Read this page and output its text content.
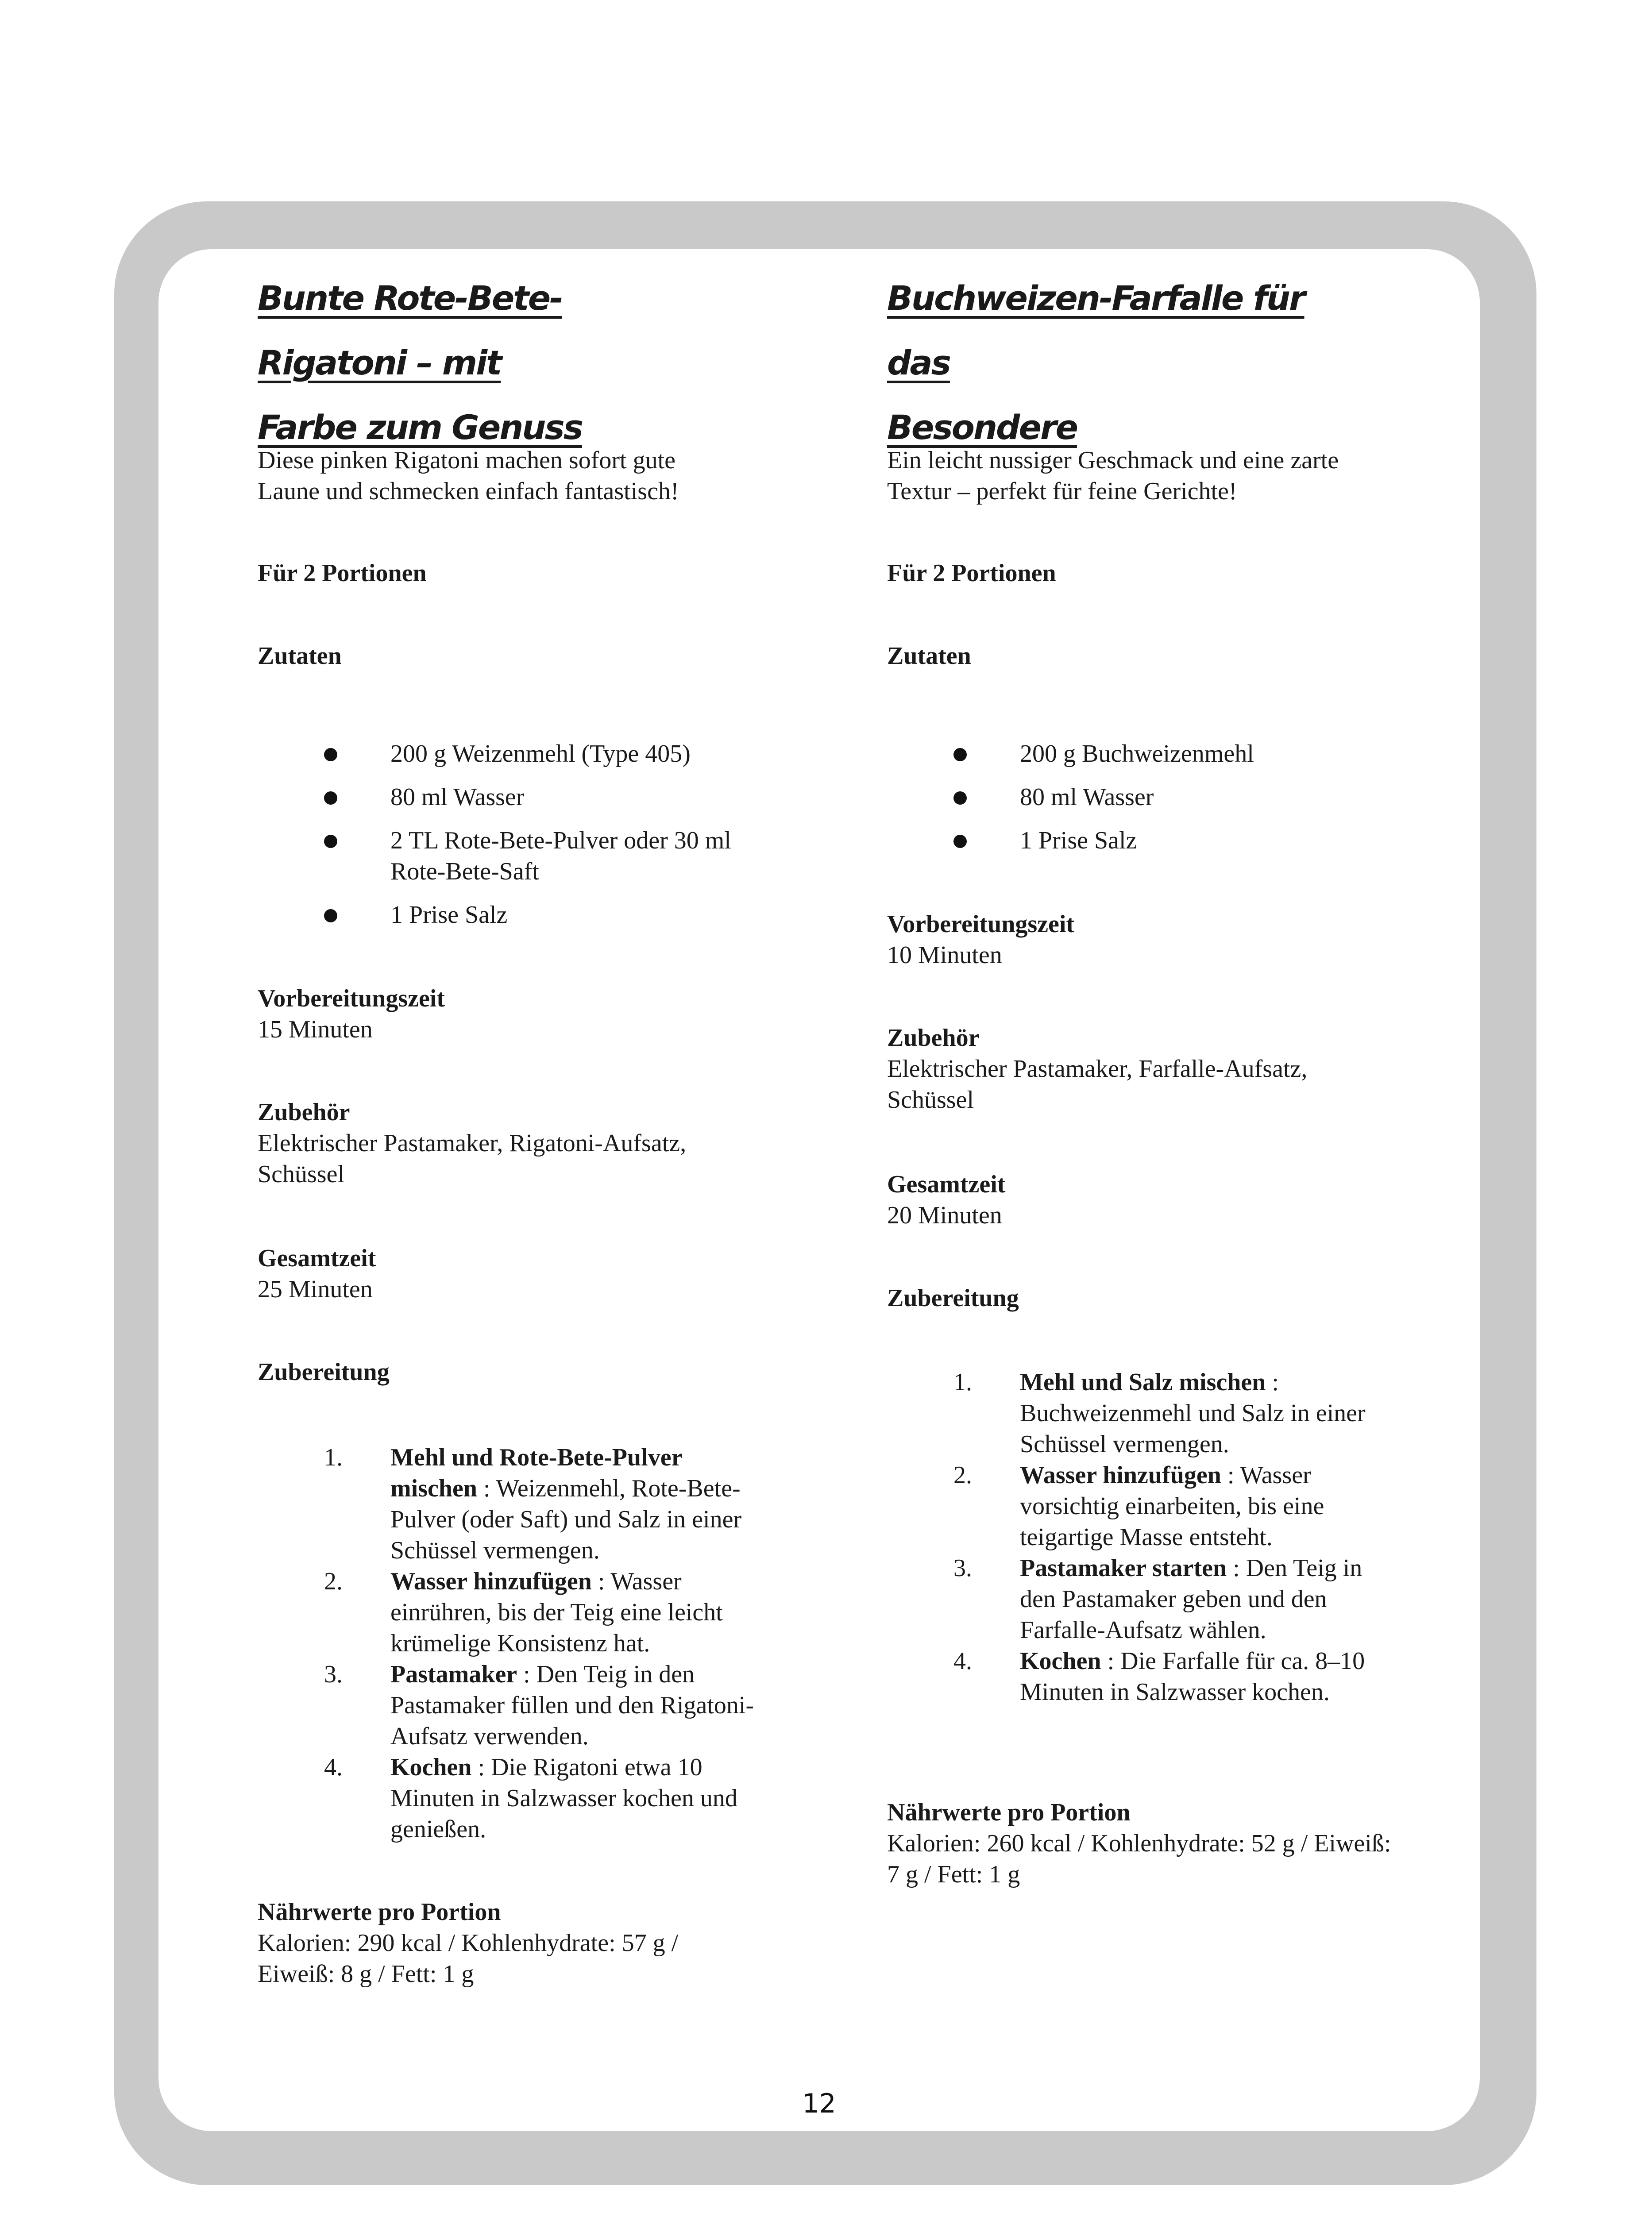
Bunte Rote-Bete-Rigatoni – mit
Farbe zum Genuss
Diese pinken Rigatoni machen sofort gute Laune und schmecken einfach fantastisch!
Für 2 Portionen
Zutaten
200 g Weizenmehl (Type 405)
80 ml Wasser
2 TL Rote-Bete-Pulver oder 30 ml Rote-Bete-Saft
1 Prise Salz
Vorbereitungszeit
15 Minuten
Zubehör
Elektrischer Pastamaker, Rigatoni-Aufsatz, Schüssel
Gesamtzeit
25 Minuten
Zubereitung
1. Mehl und Rote-Bete-Pulver mischen : Weizenmehl, Rote-Bete-Pulver (oder Saft) und Salz in einer Schüssel vermengen.
2. Wasser hinzufügen : Wasser einrühren, bis der Teig eine leicht krümelige Konsistenz hat.
3. Pastamaker : Den Teig in den Pastamaker füllen und den Rigatoni-Aufsatz verwenden.
4. Kochen : Die Rigatoni etwa 10 Minuten in Salzwasser kochen und genießen.
Nährwerte pro Portion
Kalorien: 290 kcal / Kohlenhydrate: 57 g / Eiweiß: 8 g / Fett: 1 g
Buchweizen-Farfalle für das
Besondere
Ein leicht nussiger Geschmack und eine zarte Textur – perfekt für feine Gerichte!
Für 2 Portionen
Zutaten
200 g Buchweizenmehl
80 ml Wasser
1 Prise Salz
Vorbereitungszeit
10 Minuten
Zubehör
Elektrischer Pastamaker, Farfalle-Aufsatz, Schüssel
Gesamtzeit
20 Minuten
Zubereitung
1. Mehl und Salz mischen : Buchweizenmehl und Salz in einer Schüssel vermengen.
2. Wasser hinzufügen : Wasser vorsichtig einarbeiten, bis eine teigartige Masse entsteht.
3. Pastamaker starten : Den Teig in den Pastamaker geben und den Farfalle-Aufsatz wählen.
4. Kochen : Die Farfalle für ca. 8–10 Minuten in Salzwasser kochen.
Nährwerte pro Portion
Kalorien: 260 kcal / Kohlenhydrate: 52 g / Eiweiß: 7 g / Fett: 1 g
12
